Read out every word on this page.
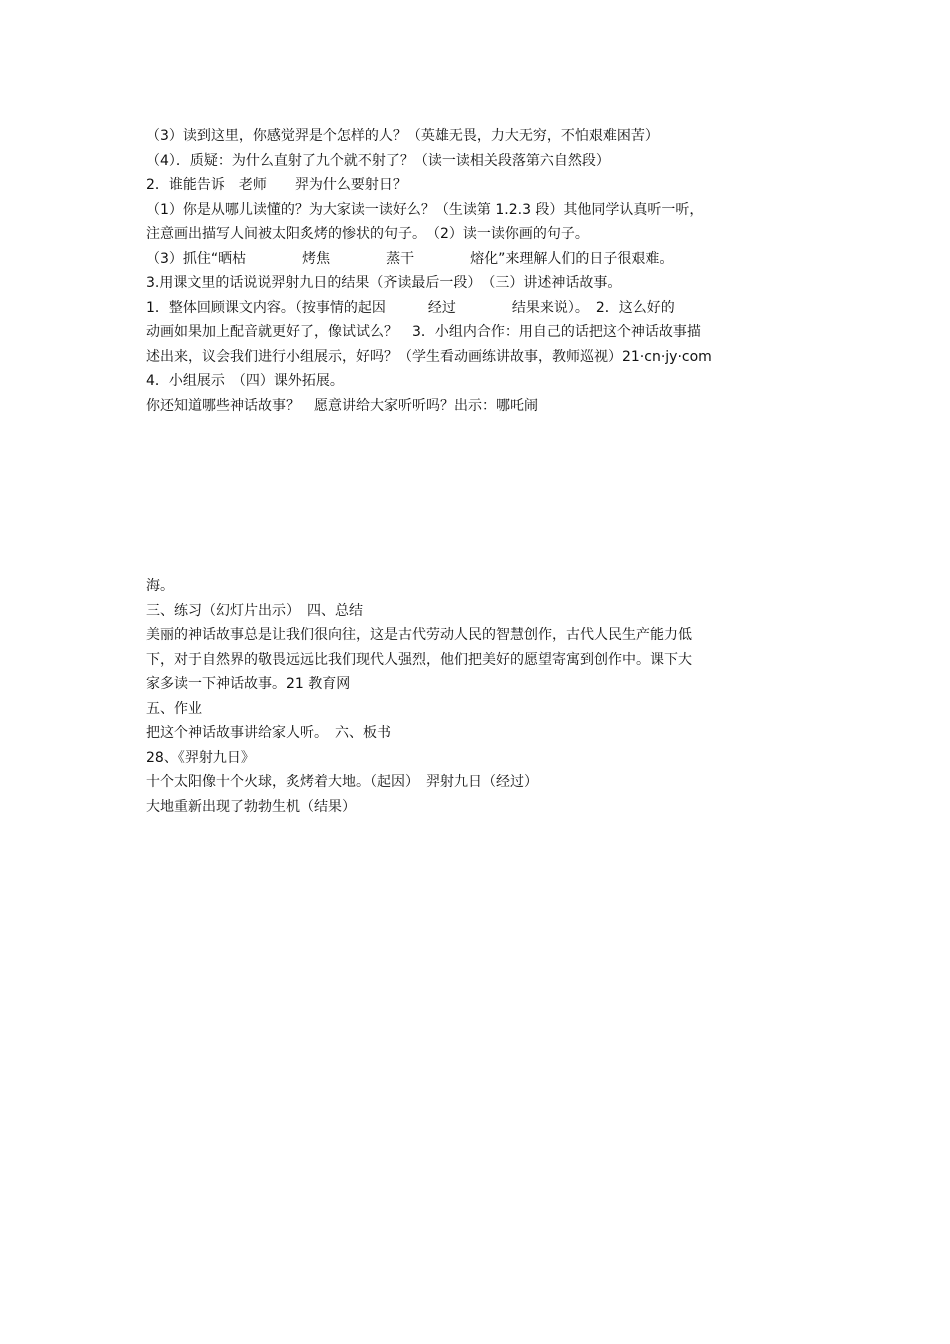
（3）读到这里，你感觉羿是个怎样的人？（英雄无畏，力大无穷，不怕艰难困苦）
（4）．质疑：为什么直射了九个就不射了？（读一读相关段落第六自然段）
2．谁能告诉　老师　　羿为什么要射日？
（1）你是从哪儿读懂的？为大家读一读好么？（生读第 1.2.3 段）其他同学认真听一听，
注意画出描写人间被太阳炙烤的惨状的句子。　（2）读一读你画的句子。
（3）抓住“晒枯　　　　烤焦　　　　蒸干　　　　熔化”来理解人们的日子很艰难。
3.用课文里的话说说羿射九日的结果（齐读最后一段）　（三）讲述神话故事。
1．整体回顾课文内容。（按事情的起因　　　经过　　　　结果来说）。　2．这么好的
动画如果加上配音就更好了，像试试么？　3．小组内合作：用自己的话把这个神话故事描
述出来，议会我们进行小组展示，好吗？（学生看动画练讲故事，教师巡视）21·cn·jy·com
4．小组展示　（四）课外拓展。
你还知道哪些神话故事？　愿意讲给大家听听吗？出示：哪吒闹
海。
三、练习（幻灯片出示）　四、总结
美丽的神话故事总是让我们很向往，这是古代劳动人民的智慧创作，古代人民生产能力低
下，对于自然界的敬畏远远比我们现代人强烈，他们把美好的愿望寄寓到创作中。课下大
家多读一下神话故事。21 教育网
五、作业
把这个神话故事讲给家人听。　六、板书
28、《羿射九日》
十个太阳像十个火球，炙烤着大地。（起因）　羿射九日（经过）
大地重新出现了勃勃生机（结果）
